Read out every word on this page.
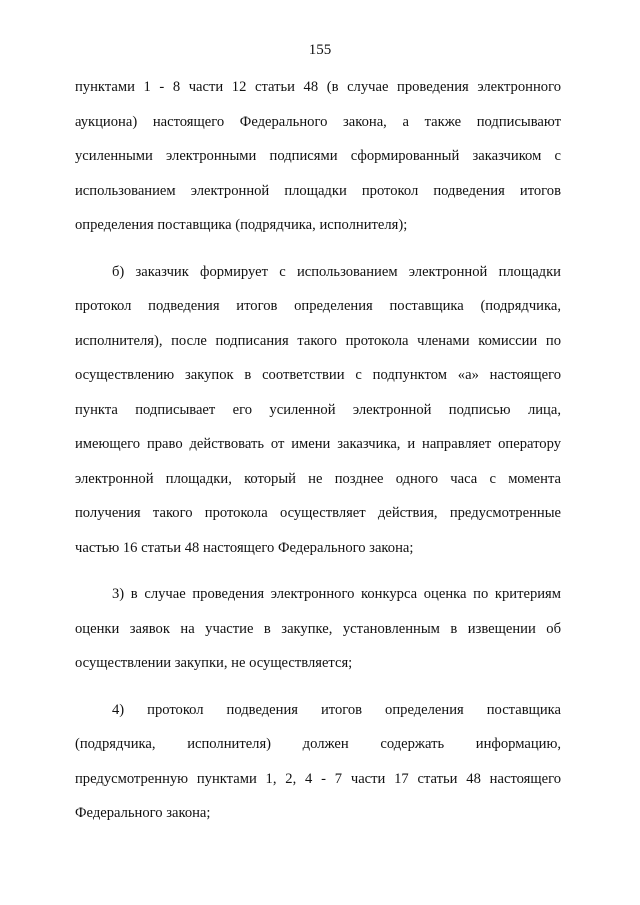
155
пунктами 1 - 8 части 12 статьи 48 (в случае проведения электронного
аукциона) настоящего Федерального закона, а также подписывают
усиленными электронными подписями сформированный заказчиком с
использованием электронной площадки протокол подведения итогов
определения поставщика (подрядчика, исполнителя);
б) заказчик формирует с использованием электронной площадки
протокол подведения итогов определения поставщика (подрядчика,
исполнителя), после подписания такого протокола членами комиссии по
осуществлению закупок в соответствии с подпунктом «а» настоящего
пункта подписывает его усиленной электронной подписью лица,
имеющего право действовать от имени заказчика, и направляет оператору
электронной площадки, который не позднее одного часа с момента
получения такого протокола осуществляет действия, предусмотренные
частью 16 статьи 48 настоящего Федерального закона;
3) в случае проведения электронного конкурса оценка по критериям
оценки заявок на участие в закупке, установленным в извещении об
осуществлении закупки, не осуществляется;
4) протокол подведения итогов определения поставщика
(подрядчика, исполнителя) должен содержать информацию,
предусмотренную пунктами 1, 2, 4 - 7 части 17 статьи 48 настоящего
Федерального закона;
